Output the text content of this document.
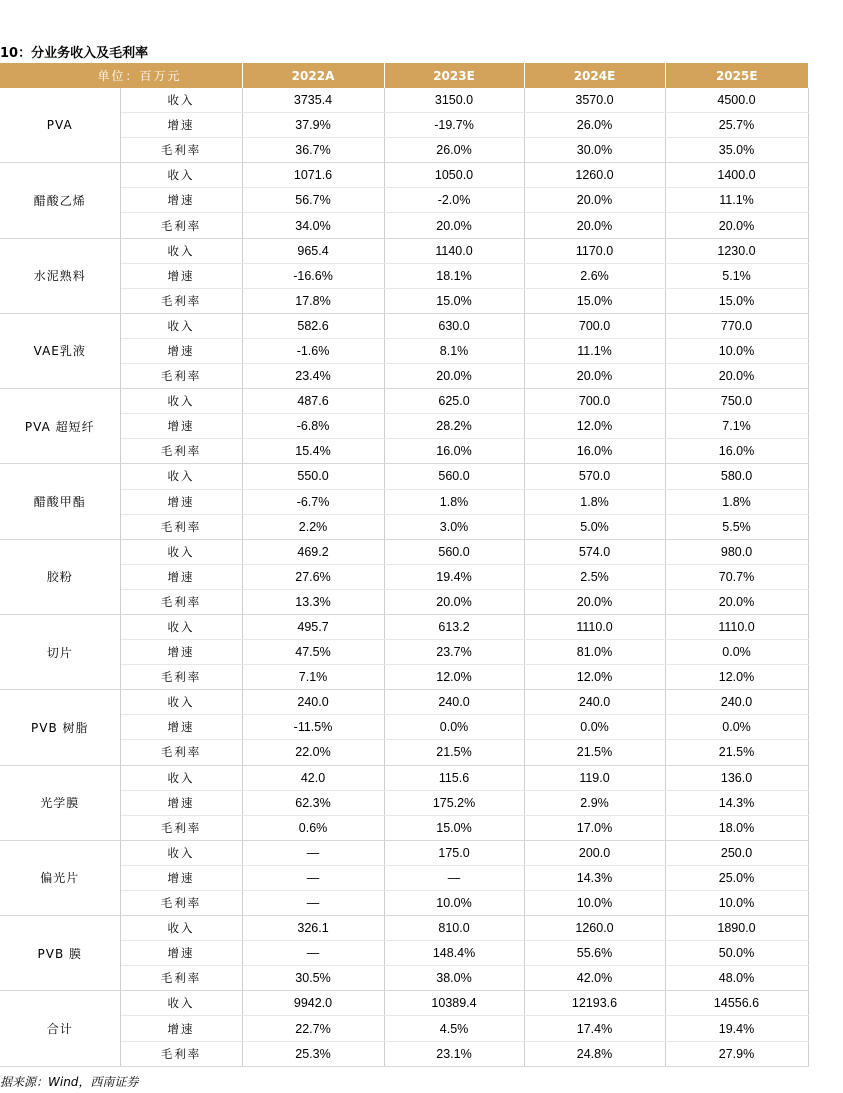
10：分业务收入及毛利率
单位：百万元		2022A	2023E	2024E	2025E
PVA	收入	3735.4	3150.0	3570.0	4500.0
	增速	37.9%	-19.7%	26.0%	25.7%
	毛利率	36.7%	26.0%	30.0%	35.0%
醋酸乙烯	收入	1071.6	1050.0	1260.0	1400.0
	增速	56.7%	-2.0%	20.0%	11.1%
	毛利率	34.0%	20.0%	20.0%	20.0%
水泥熟料	收入	965.4	1140.0	1170.0	1230.0
	增速	-16.6%	18.1%	2.6%	5.1%
	毛利率	17.8%	15.0%	15.0%	15.0%
VAE乳液	收入	582.6	630.0	700.0	770.0
	增速	-1.6%	8.1%	11.1%	10.0%
	毛利率	23.4%	20.0%	20.0%	20.0%
PVA 超短纤	收入	487.6	625.0	700.0	750.0
	增速	-6.8%	28.2%	12.0%	7.1%
	毛利率	15.4%	16.0%	16.0%	16.0%
醋酸甲酯	收入	550.0	560.0	570.0	580.0
	增速	-6.7%	1.8%	1.8%	1.8%
	毛利率	2.2%	3.0%	5.0%	5.5%
胶粉	收入	469.2	560.0	574.0	980.0
	增速	27.6%	19.4%	2.5%	70.7%
	毛利率	13.3%	20.0%	20.0%	20.0%
切片	收入	495.7	613.2	1110.0	1110.0
	增速	47.5%	23.7%	81.0%	0.0%
	毛利率	7.1%	12.0%	12.0%	12.0%
PVB 树脂	收入	240.0	240.0	240.0	240.0
	增速	-11.5%	0.0%	0.0%	0.0%
	毛利率	22.0%	21.5%	21.5%	21.5%
光学膜	收入	42.0	115.6	119.0	136.0
	增速	62.3%	175.2%	2.9%	14.3%
	毛利率	0.6%	15.0%	17.0%	18.0%
偏光片	收入	—	175.0	200.0	250.0
	增速	—	—	14.3%	25.0%
	毛利率	—	10.0%	10.0%	10.0%
PVB 膜	收入	326.1	810.0	1260.0	1890.0
	增速	—	148.4%	55.6%	50.0%
	毛利率	30.5%	38.0%	42.0%	48.0%
合计	收入	9942.0	10389.4	12193.6	14556.6
	增速	22.7%	4.5%	17.4%	19.4%
	毛利率	25.3%	23.1%	24.8%	27.9%
据来源：Wind，西南证券
